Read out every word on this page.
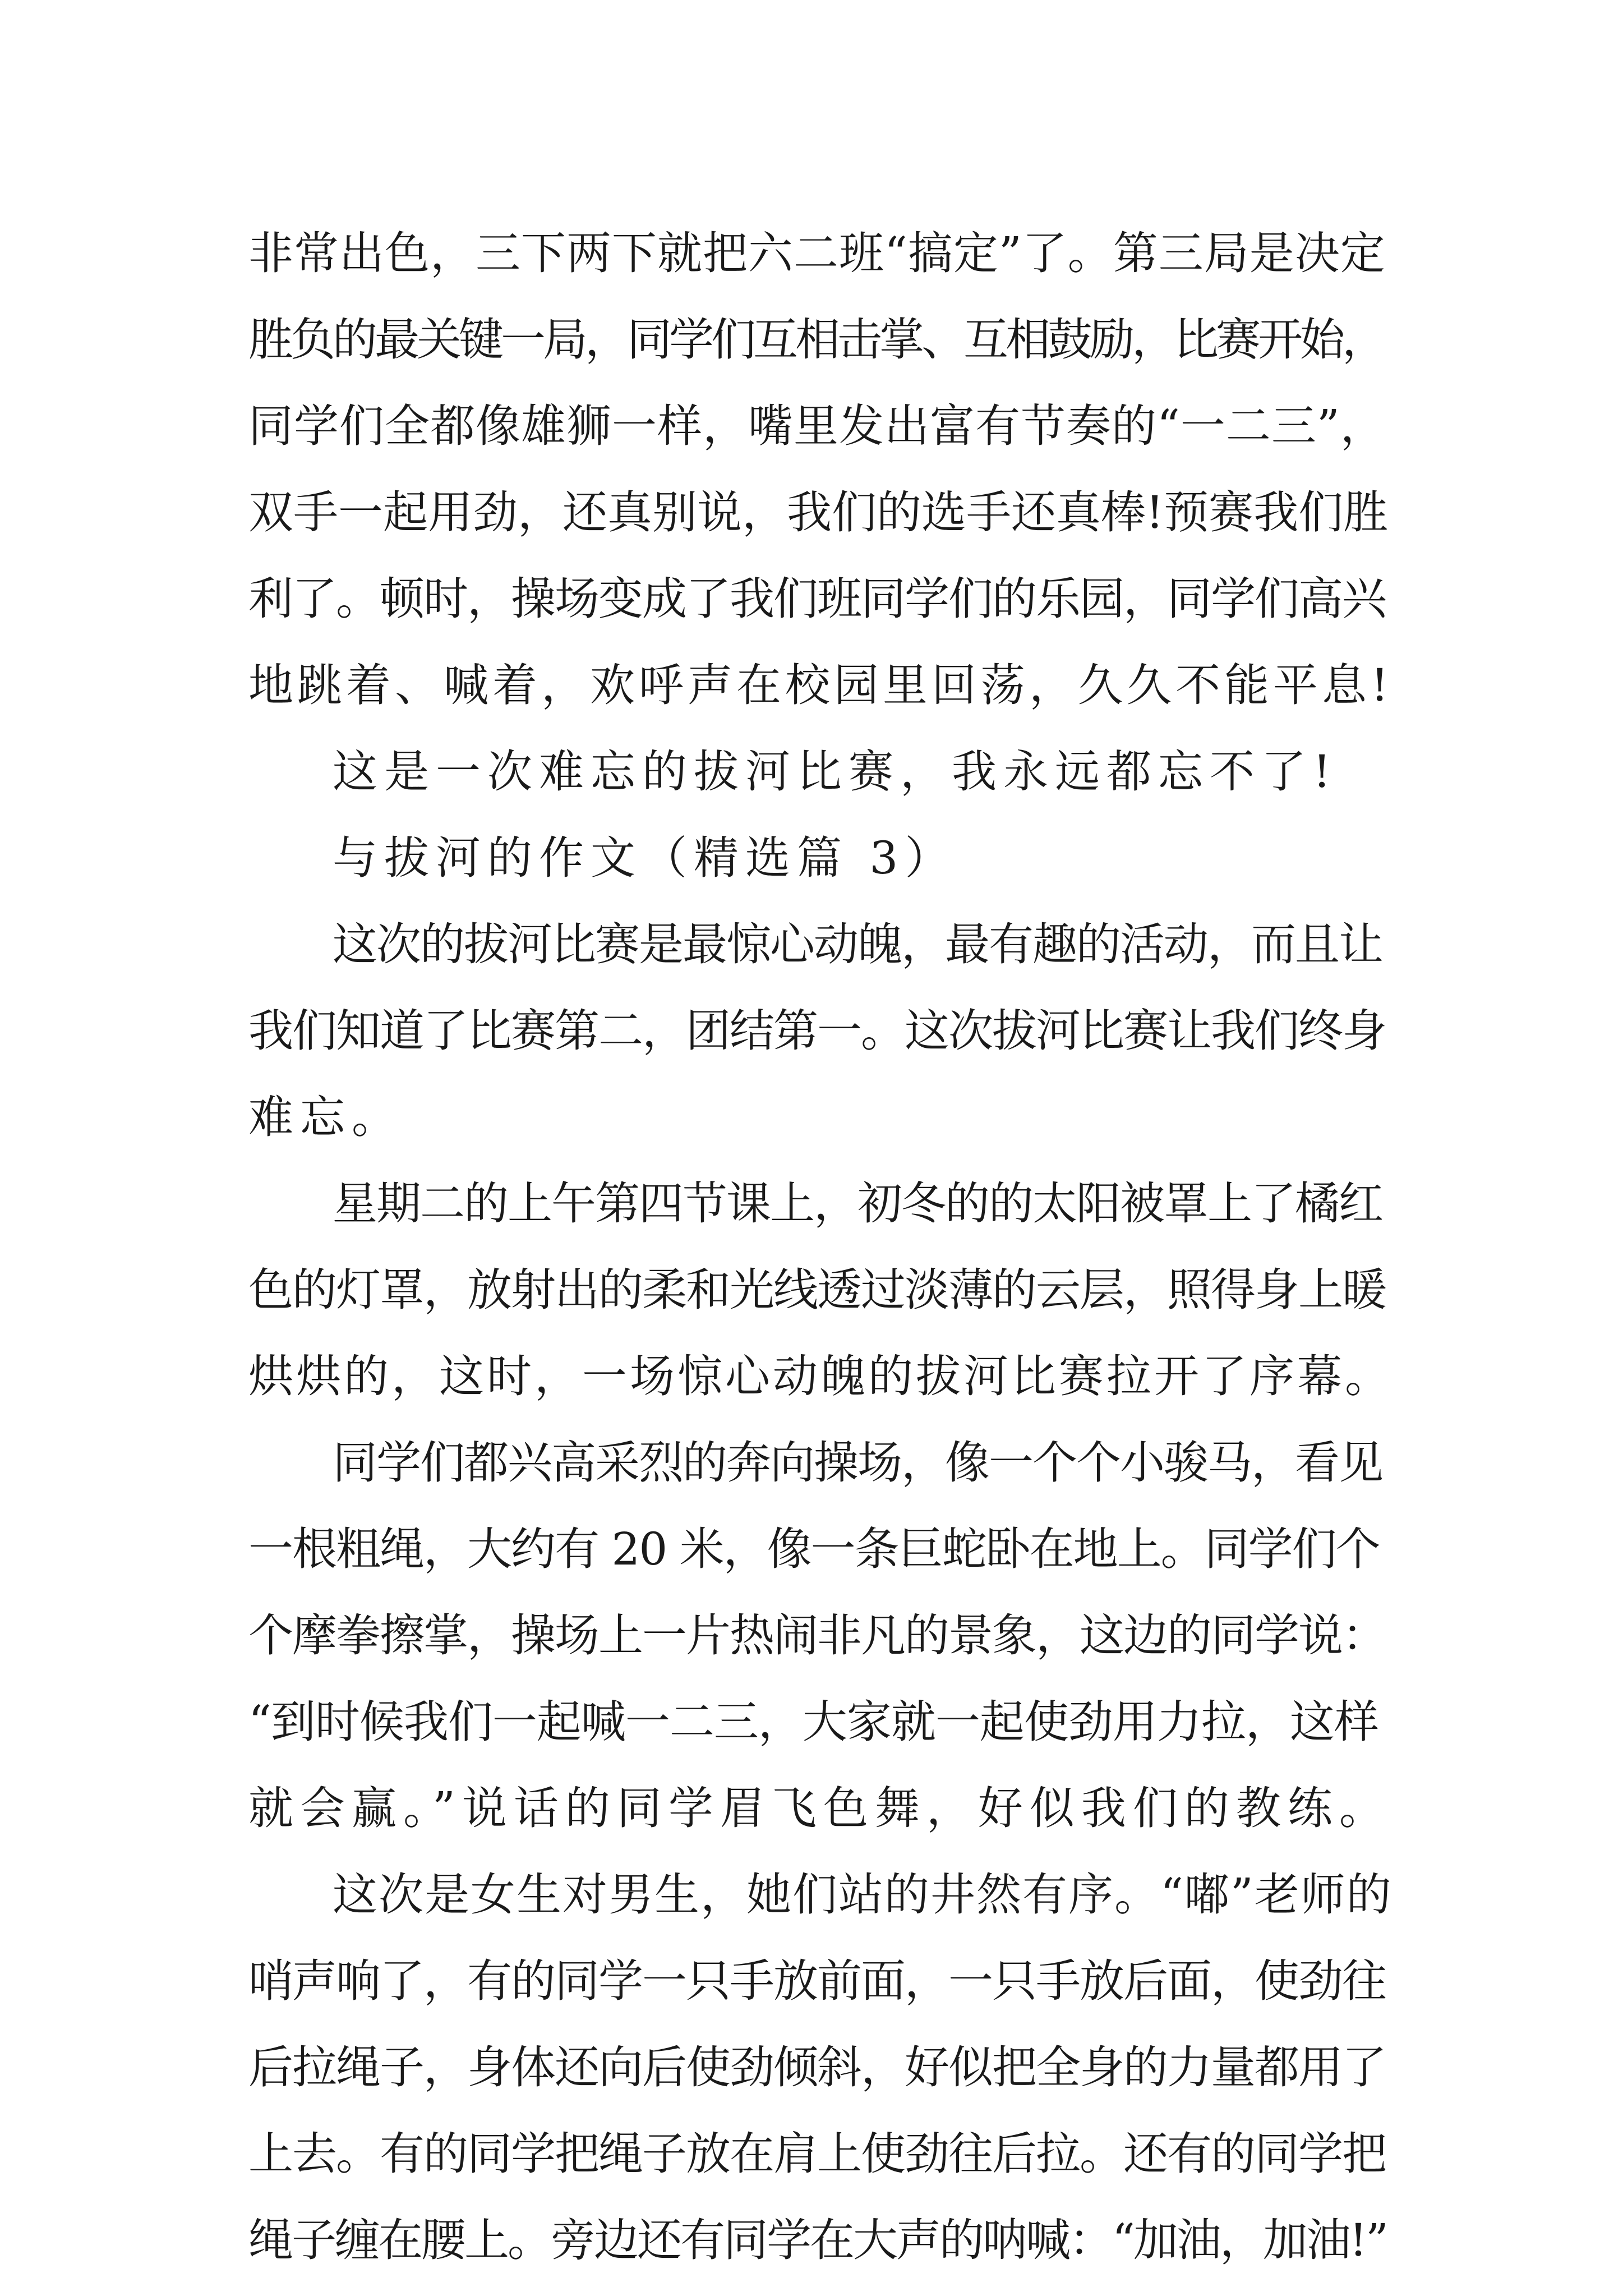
非常出色，三下两下就把六二班“搞定”了。第三局是决定
胜负的最关键一局，同学们互相击掌、互相鼓励，比赛开始，
同学们全都像雄狮一样，嘴里发出富有节奏的“一二三”，
双手一起用劲，还真别说，我们的选手还真棒!预赛我们胜
利了。顿时，操场变成了我们班同学们的乐园，同学们高兴
地跳着、喊着，欢呼声在校园里回荡，久久不能平息!
这是一次难忘的拔河比赛，我永远都忘不了!
与拔河的作文（精选篇 3）
这次的拔河比赛是最惊心动魄，最有趣的活动，而且让
我们知道了比赛第二，团结第一。这次拔河比赛让我们终身
难忘。
星期二的上午第四节课上，初冬的的太阳被罩上了橘红
色的灯罩，放射出的柔和光线透过淡薄的云层，照得身上暖
烘烘的，这时，一场惊心动魄的拔河比赛拉开了序幕。
同学们都兴高采烈的奔向操场，像一个个小骏马，看见
一根粗绳，大约有 20 米，像一条巨蛇卧在地上。同学们个
个摩拳擦掌，操场上一片热闹非凡的景象，这边的同学说：
“到时候我们一起喊一二三，大家就一起使劲用力拉，这样
就会赢。”说话的同学眉飞色舞，好似我们的教练。
这次是女生对男生，她们站的井然有序。“嘟”老师的
哨声响了，有的同学一只手放前面，一只手放后面，使劲往
后拉绳子，身体还向后使劲倾斜，好似把全身的力量都用了
上去。有的同学把绳子放在肩上使劲往后拉。还有的同学把
绳子缠在腰上。旁边还有同学在大声的呐喊：“加油，加油!”
